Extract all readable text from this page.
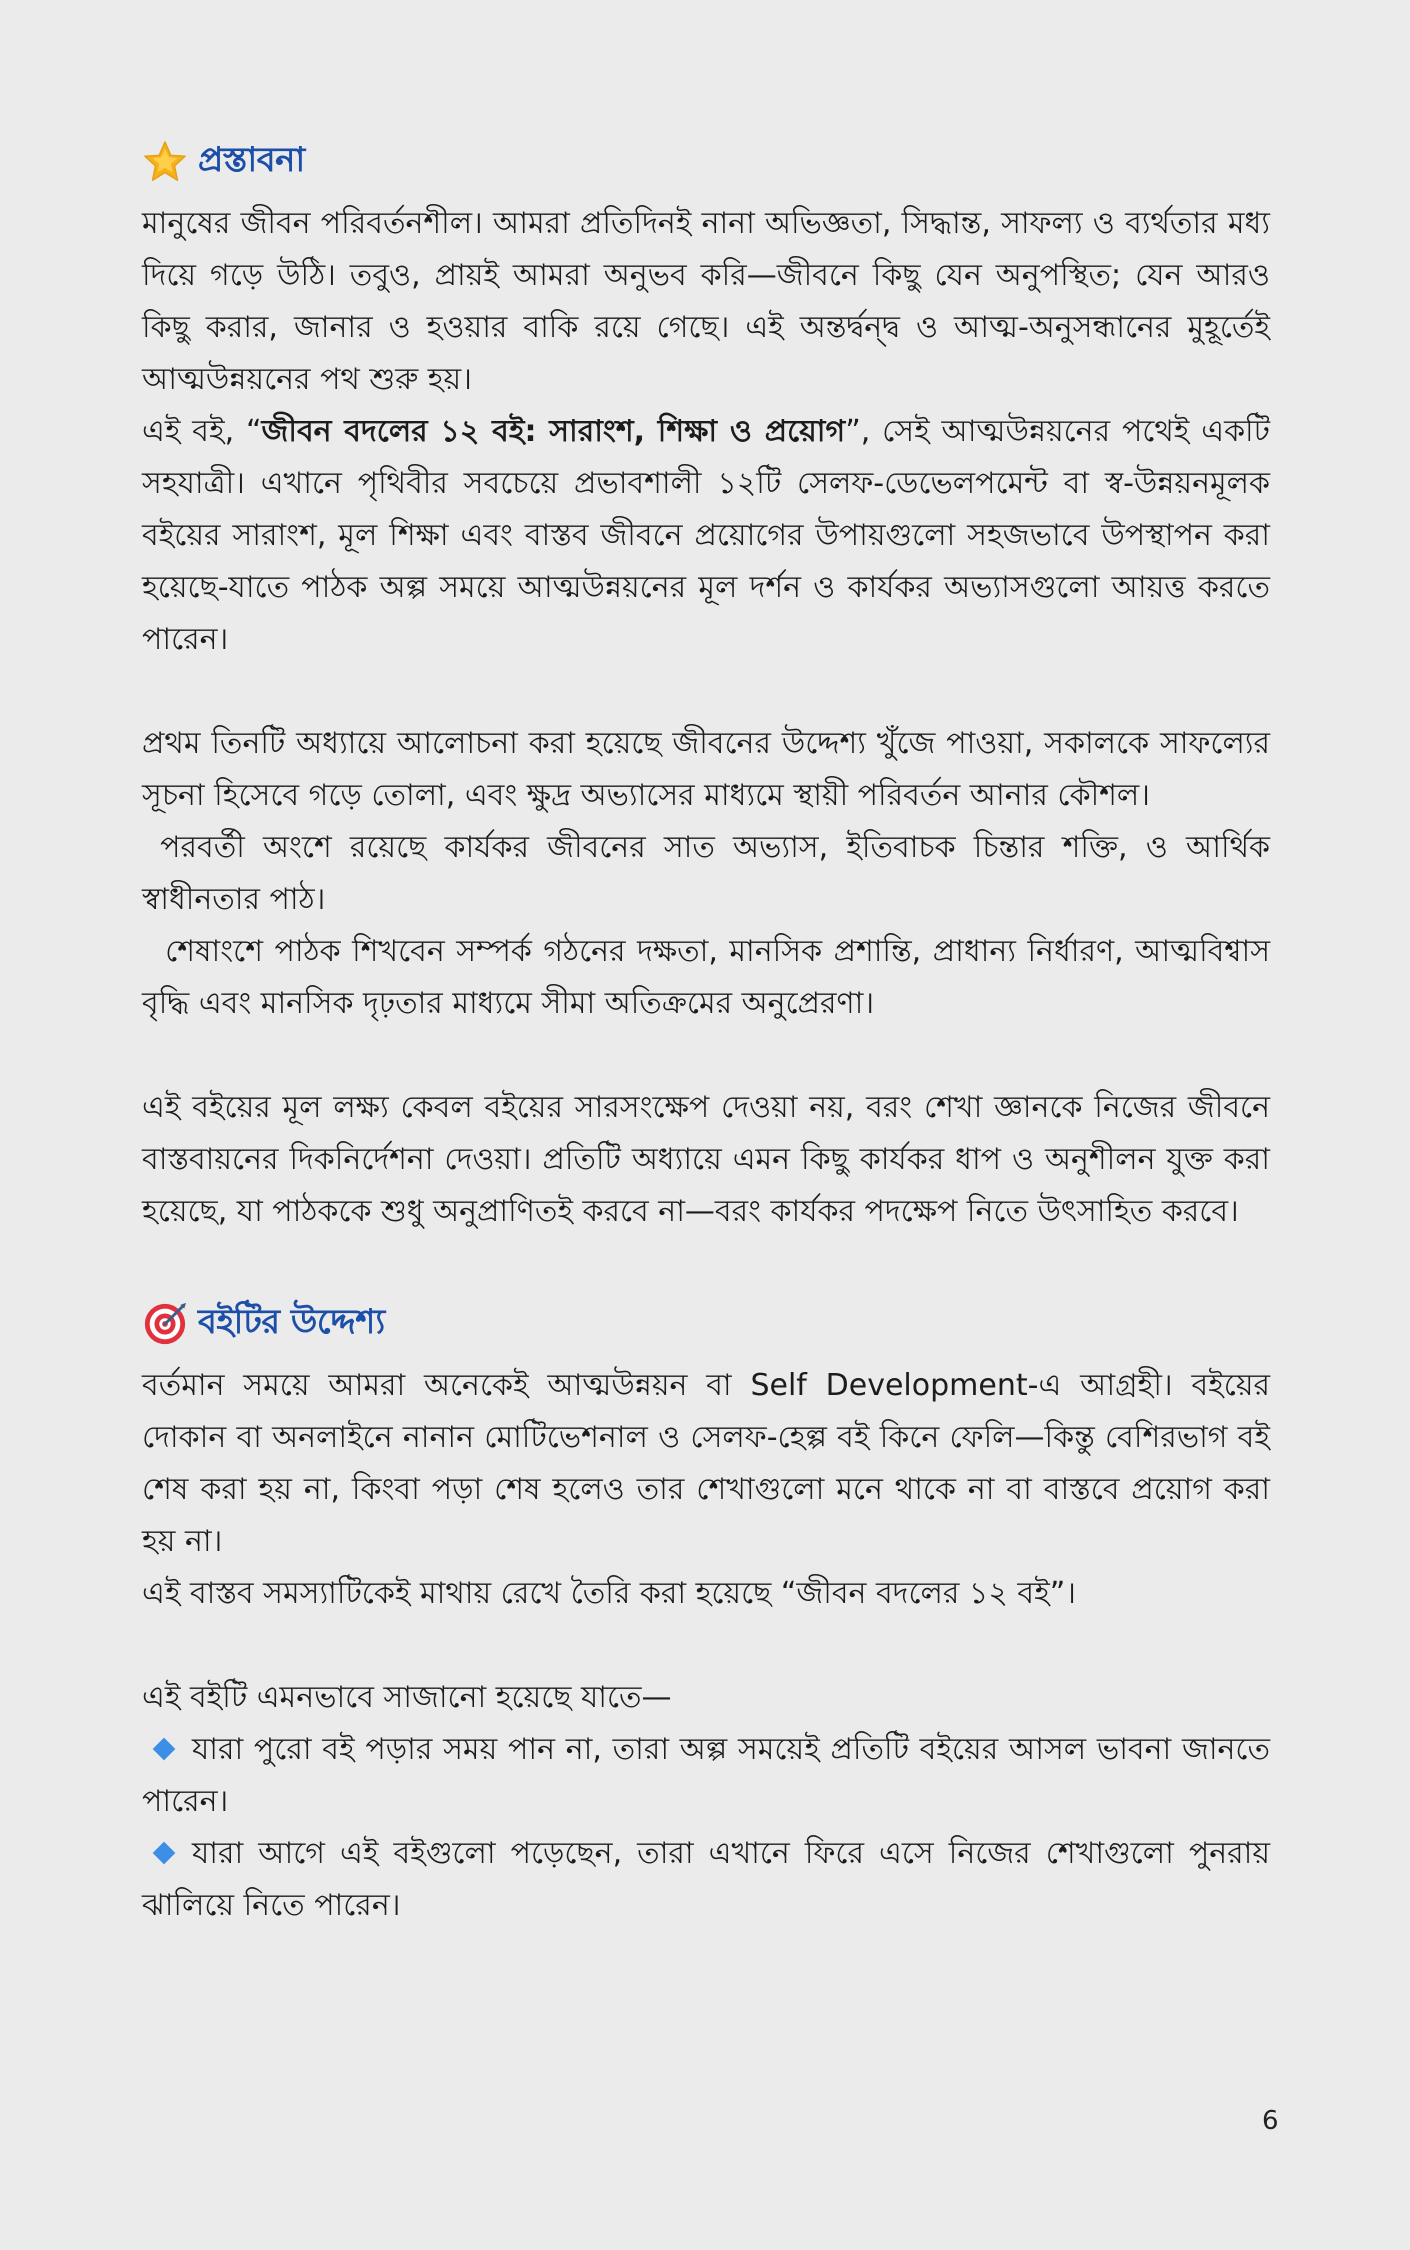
প্রস্তাবনা

মানুষের জীবন পরিবর্তনশীল। আমরা প্রতিদিনই নানা অভিজ্ঞতা, সিদ্ধান্ত, সাফল্য ও ব্যর্থতার মধ্য দিয়ে গড়ে উঠি। তবুও, প্রায়ই আমরা অনুভব করি—জীবনে কিছু যেন অনুপস্থিত; যেন আরও কিছু করার, জানার ও হওয়ার বাকি রয়ে গেছে। এই অন্তর্দ্বন্দ্ব ও আত্ম-অনুসন্ধানের মুহূর্তেই আত্মউন্নয়নের পথ শুরু হয়।

এই বই, “জীবন বদলের ১২ বই: সারাংশ, শিক্ষা ও প্রয়োগ”, সেই আত্মউন্নয়নের পথেই একটি সহযাত্রী। এখানে পৃথিবীর সবচেয়ে প্রভাবশালী ১২টি সেলফ-ডেভেলপমেন্ট বা স্ব-উন্নয়নমূলক বইয়ের সারাংশ, মূল শিক্ষা এবং বাস্তব জীবনে প্রয়োগের উপায়গুলো সহজভাবে উপস্থাপন করা হয়েছে-যাতে পাঠক অল্প সময়ে আত্মউন্নয়নের মূল দর্শন ও কার্যকর অভ্যাসগুলো আয়ত্ত করতে পারেন।

প্রথম তিনটি অধ্যায়ে আলোচনা করা হয়েছে জীবনের উদ্দেশ্য খুঁজে পাওয়া, সকালকে সাফল্যের সূচনা হিসেবে গড়ে তোলা, এবং ক্ষুদ্র অভ্যাসের মাধ্যমে স্থায়ী পরিবর্তন আনার কৌশল।

পরবর্তী অংশে রয়েছে কার্যকর জীবনের সাত অভ্যাস, ইতিবাচক চিন্তার শক্তি, ও আর্থিক স্বাধীনতার পাঠ।

শেষাংশে পাঠক শিখবেন সম্পর্ক গঠনের দক্ষতা, মানসিক প্রশান্তি, প্রাধান্য নির্ধারণ, আত্মবিশ্বাস বৃদ্ধি এবং মানসিক দৃঢ়তার মাধ্যমে সীমা অতিক্রমের অনুপ্রেরণা।

এই বইয়ের মূল লক্ষ্য কেবল বইয়ের সারসংক্ষেপ দেওয়া নয়, বরং শেখা জ্ঞানকে নিজের জীবনে বাস্তবায়নের দিকনির্দেশনা দেওয়া। প্রতিটি অধ্যায়ে এমন কিছু কার্যকর ধাপ ও অনুশীলন যুক্ত করা হয়েছে, যা পাঠককে শুধু অনুপ্রাণিতই করবে না—বরং কার্যকর পদক্ষেপ নিতে উৎসাহিত করবে।

বইটির উদ্দেশ্য

বর্তমান সময়ে আমরা অনেকেই আত্মউন্নয়ন বা Self Development-এ আগ্রহী। বইয়ের দোকান বা অনলাইনে নানান মোটিভেশনাল ও সেলফ-হেল্প বই কিনে ফেলি—কিন্তু বেশিরভাগ বই শেষ করা হয় না, কিংবা পড়া শেষ হলেও তার শেখাগুলো মনে থাকে না বা বাস্তবে প্রয়োগ করা হয় না।

এই বাস্তব সমস্যাটিকেই মাথায় রেখে তৈরি করা হয়েছে “জীবন বদলের ১২ বই”।

এই বইটি এমনভাবে সাজানো হয়েছে যাতে—

যারা পুরো বই পড়ার সময় পান না, তারা অল্প সময়েই প্রতিটি বইয়ের আসল ভাবনা জানতে পারেন।

যারা আগে এই বইগুলো পড়েছেন, তারা এখানে ফিরে এসে নিজের শেখাগুলো পুনরায় ঝালিয়ে নিতে পারেন।

6
